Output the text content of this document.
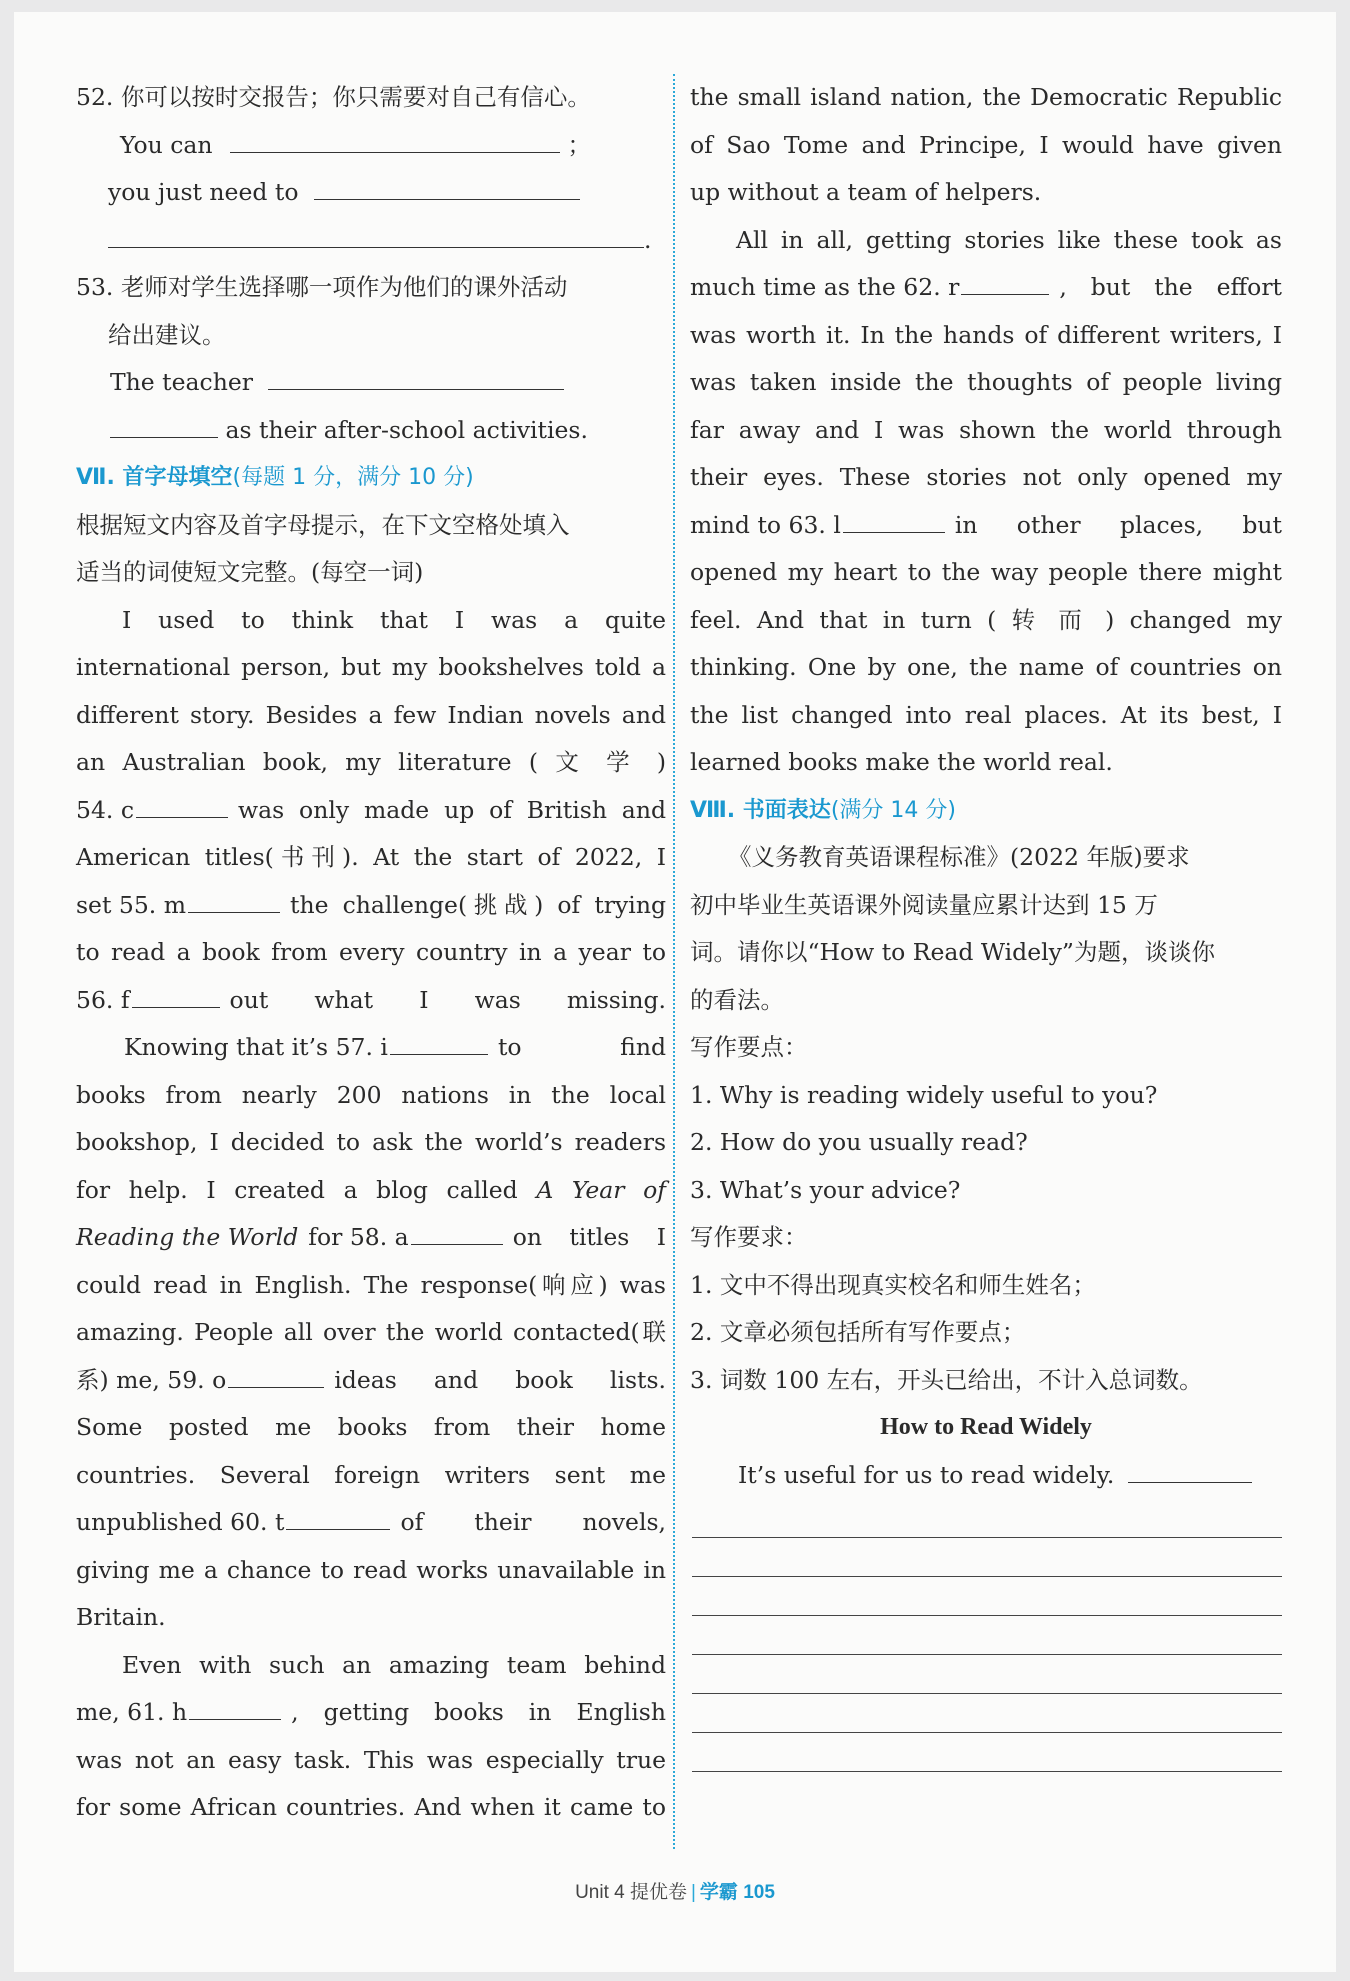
52. 你可以按时交报告；你只需要对自己有信心。
You can	；
you just need to
.
53. 老师对学生选择哪一项作为他们的课外活动
给出建议。
The teacher
as their after-school activities.
Ⅶ. 首字母填空(每题 1 分，满分 10 分)
根据短文内容及首字母提示，在下文空格处填入
适当的词使短文完整。(每空一词)
I used to think that I was a quite
international person, but my bookshelves told a
different story. Besides a few Indian novels and
an Australian book, my literature ( 文 学 )
54. c	was only made up of British and
American titles(书刊). At the start of 2022, I
set 55. m	the challenge(挑战) of trying
to read a book from every country in a year to
56. f	out what I was missing.
Knowing that it’s 57. i	to find
books from nearly 200 nations in the local
bookshop, I decided to ask the world’s readers
for help. I created a blog called A Year of
Reading the World for 58. a	on titles I
could read in English. The response(响应) was
amazing. People all over the world contacted(联
系) me, 59. o	ideas and book lists.
Some posted me books from their home
countries. Several foreign writers sent me
unpublished 60. t	of their novels,
giving me a chance to read works unavailable in
Britain.
Even with such an amazing team behind
me, 61. h	, getting books in English
was not an easy task. This was especially true
for some African countries. And when it came to
the small island nation, the Democratic Republic
of Sao Tome and Principe, I would have given
up without a team of helpers.
All in all, getting stories like these took as
much time as the 62. r	, but the effort
was worth it. In the hands of different writers, I
was taken inside the thoughts of people living
far away and I was shown the world through
their eyes. These stories not only opened my
mind to 63. l	in other places, but
opened my heart to the way people there might
feel. And that in turn ( 转 而 ) changed my
thinking. One by one, the name of countries on
the list changed into real places. At its best, I
learned books make the world real.
Ⅷ. 书面表达(满分 14 分)
《义务教育英语课程标准》(2022 年版)要求
初中毕业生英语课外阅读量应累计达到 15 万
词。请你以“How to Read Widely”为题，谈谈你
的看法。
写作要点：
1. Why is reading widely useful to you?
2. How do you usually read?
3. What’s your advice?
写作要求：
1. 文中不得出现真实校名和师生姓名；
2. 文章必须包括所有写作要点；
3. 词数 100 左右，开头已给出，不计入总词数。
How to Read Widely
It’s useful for us to read widely.
Unit 4 提优卷 | 学霸 105
